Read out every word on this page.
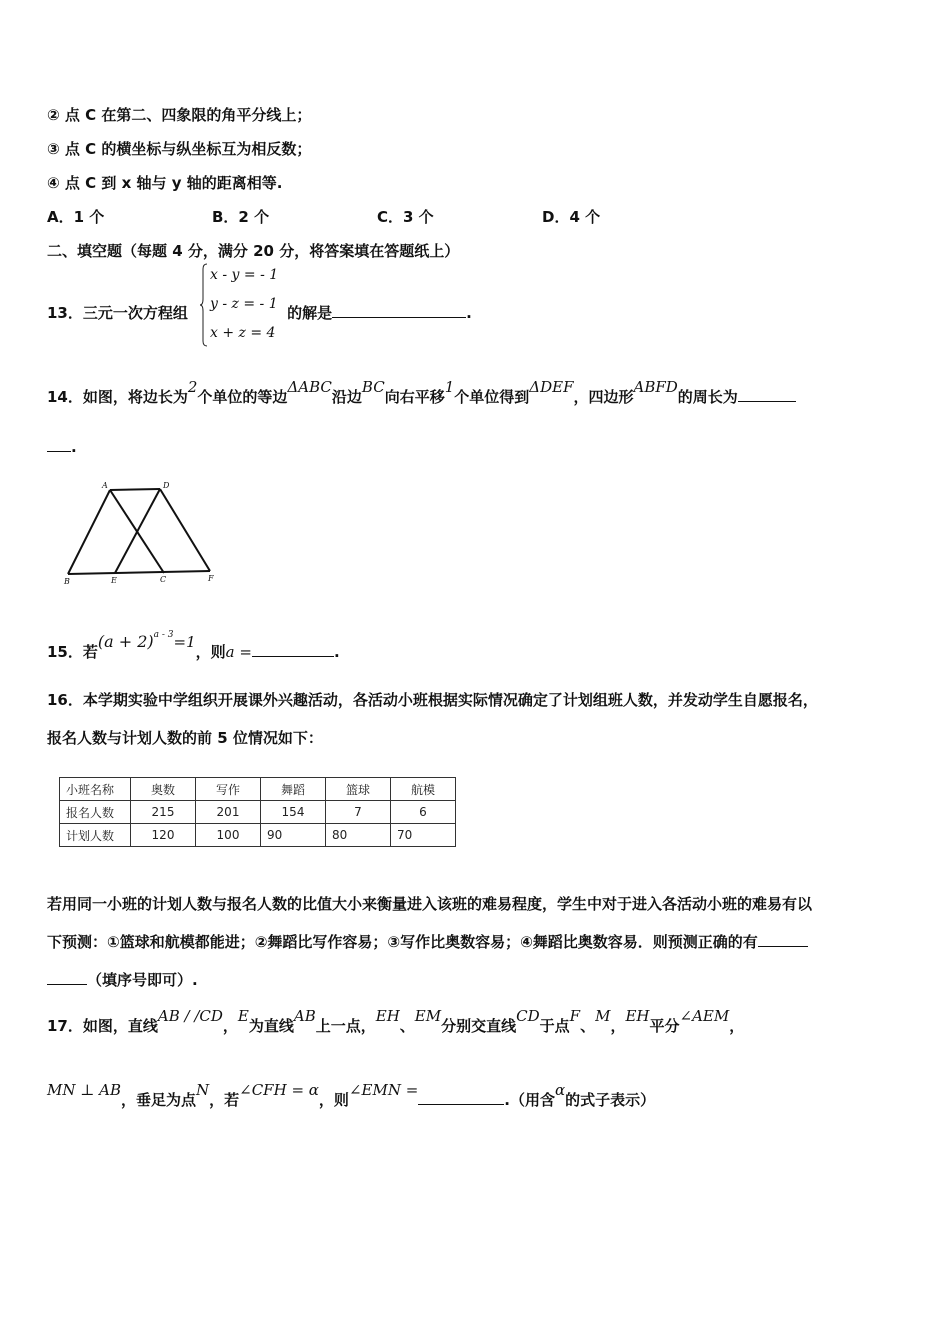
② 点 C 在第二、四象限的角平分线上；
③ 点 C 的横坐标与纵坐标互为相反数；
④ 点 C 到 x 轴与 y 轴的距离相等.
A．1 个	B．2 个	C．3 个	D．4 个
二、填空题（每题 4 分，满分 20 分，将答案填在答题纸上）
13．三元一次方程组	的解是	.
x - y = - 1
y - z = - 1
x + z = 4
14．如图，将边长为2个单位的等边ΔABC沿边BC向右平移1个单位得到ΔDEF，四边形ABFD的周长为
.
A	D
B	E	C	F
15．若$(a + 2)^{a - 3}=1$，则a =	.
16．本学期实验中学组织开展课外兴趣活动，各活动小班根据实际情况确定了计划组班人数，并发动学生自愿报名，
报名人数与计划人数的前 5 位情况如下：
小班名称	奥数	写作	舞蹈	篮球	航模
报名人数	215	201	154	7	6
计划人数	120	100	90	80	70
若用同一小班的计划人数与报名人数的比值大小来衡量进入该班的难易程度，学生中对于进入各活动小班的难易有以
下预测：①篮球和航模都能进；②舞蹈比写作容易；③写作比奥数容易；④舞蹈比奥数容易．则预测正确的有
（填序号即可）.
17．如图，直线AB / /CD，E为直线AB上一点，EH、EM分别交直线CD于点F、M，EH平分∠AEM，
MN ⊥ AB，垂足为点N，若∠CFH = α，则∠EMN =.（用含α的式子表示）
